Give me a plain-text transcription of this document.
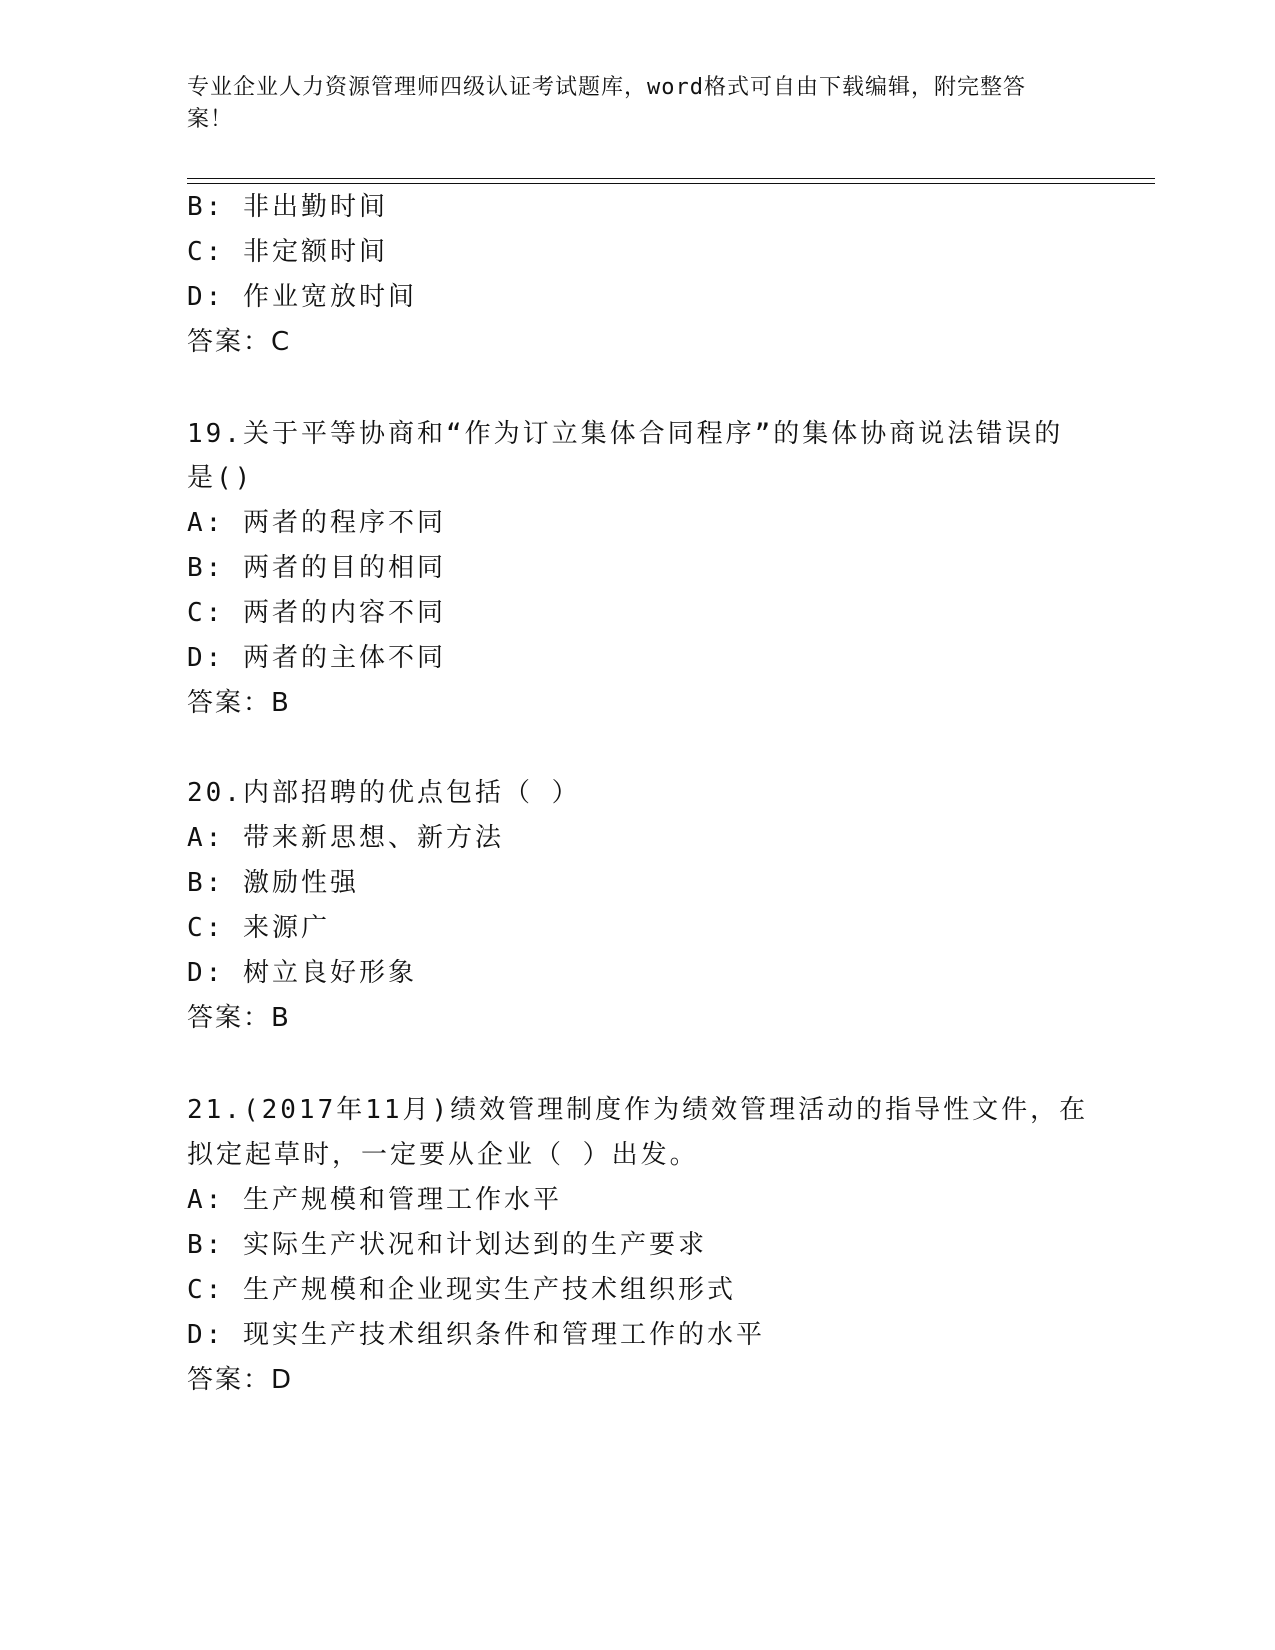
专业企业人力资源管理师四级认证考试题库，word格式可自由下载编辑，附完整答案！
B: 非出勤时间
C: 非定额时间
D: 作业宽放时间
答案：C
19.关于平等协商和“作为订立集体合同程序”的集体协商说法错误的
是()
A: 两者的程序不同
B: 两者的目的相同
C: 两者的内容不同
D: 两者的主体不同
答案：B
20.内部招聘的优点包括（ ）
A: 带来新思想、新方法
B: 激励性强
C: 来源广
D: 树立良好形象
答案：B
21.(2017年11月)绩效管理制度作为绩效管理活动的指导性文件，在
拟定起草时，一定要从企业（ ）出发。
A: 生产规模和管理工作水平
B: 实际生产状况和计划达到的生产要求
C: 生产规模和企业现实生产技术组织形式
D: 现实生产技术组织条件和管理工作的水平
答案：D
